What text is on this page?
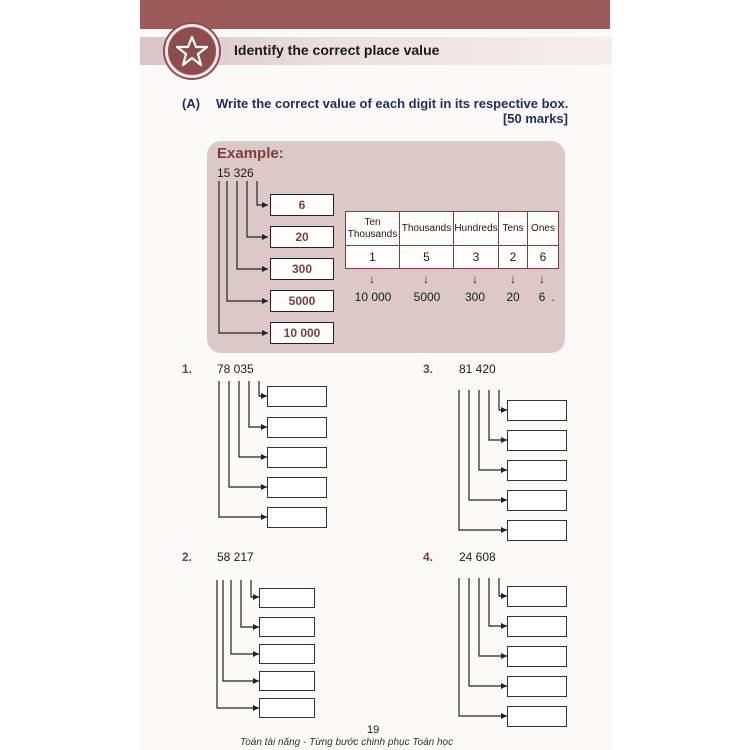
Identify the correct place value
(A) Write the correct value of each digit in its respective box.
[50 marks]
Example:
15 326
6
20
300
5000
10 000
Ten Thousands	Thousands	Hundreds	Tens	Ones
1	5	3	2	6
↓	↓	↓	↓	↓
10 000	5000	300	20	6 .
1. 78 035	3. 81 420
2. 58 217	4. 24 608
19
Toán tài năng - Từng bước chinh phục Toán học
